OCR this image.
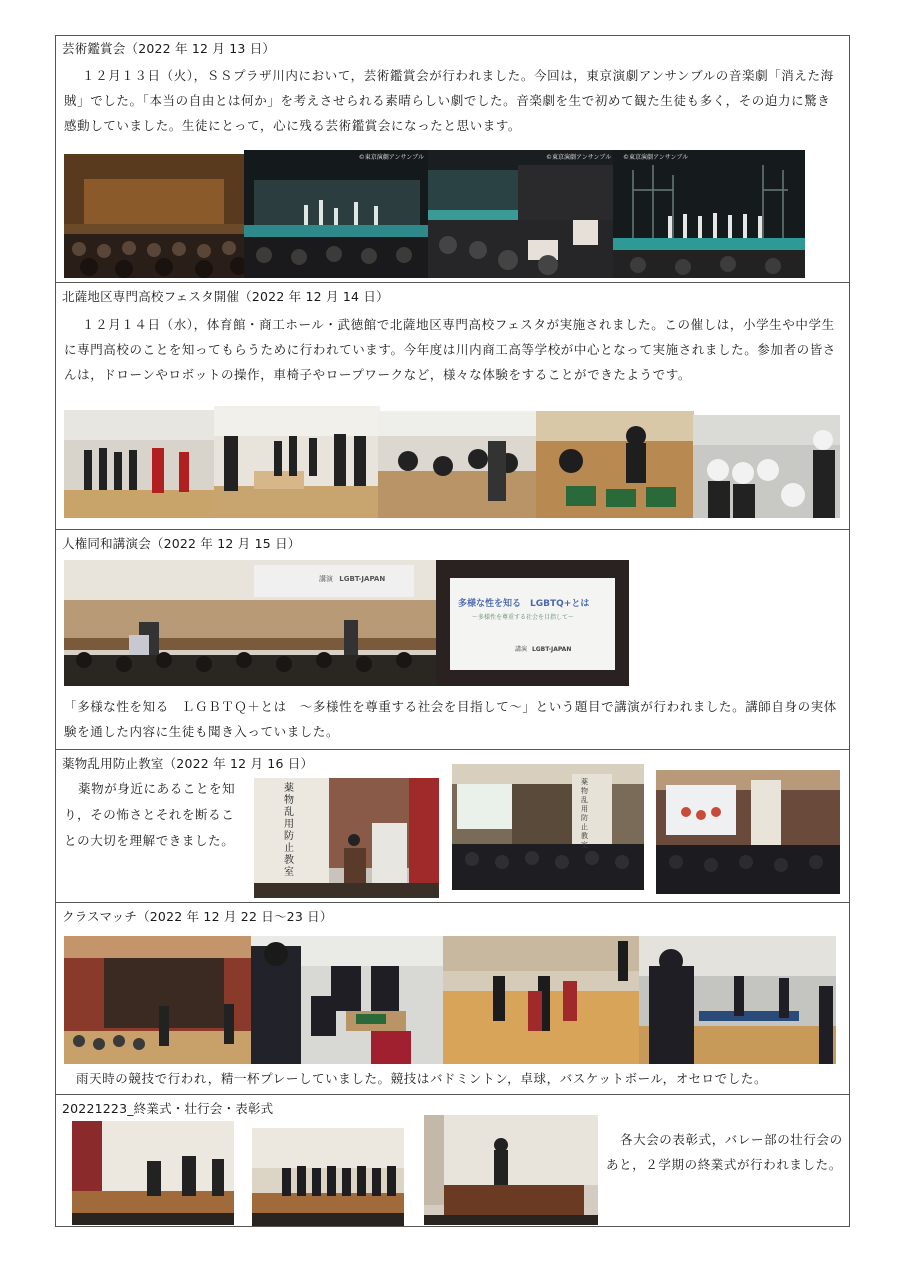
芸術鑑賞会（2022 年 12 月 13 日）
１２月１３日（火），ＳＳプラザ川内において，芸術鑑賞会が行われました。今回は，東京演劇アンサンブルの音楽劇「消えた海賊」でした。「本当の自由とは何か」を考えさせられる素晴らしい劇でした。音楽劇を生で初めて観た生徒も多く，その迫力に驚き感動していました。生徒にとって，心に残る芸術鑑賞会になったと思います。
©東京演劇アンサンブル	©東京演劇アンサンブル ©東京演劇アンサンブル
北薩地区専門高校フェスタ開催（2022 年 12 月 14 日）
１２月１４日（水），体育館・商工ホール・武徳館で北薩地区専門高校フェスタが実施されました。この催しは，小学生や中学生に専門高校のことを知ってもらうために行われています。今年度は川内商工高等学校が中心となって実施されました。参加者の皆さんは，ドローンやロボットの操作，車椅子やロープワークなど，様々な体験をすることができたようです。
人権同和講演会（2022 年 12 月 15 日）
講演 LGBT-JAPAN
多様な性を知る　LGBTQ+とは
〜多様性を尊重する社会を目指して〜
講演 LGBT-JAPAN
「多様な性を知る　ＬＧＢＴＱ＋とは　～多様性を尊重する社会を目指して～」という題目で講演が行われました。講師自身の実体験を通した内容に生徒も聞き入っていました。
薬物乱用防止教室（2022 年 12 月 16 日）
薬物が身近にあることを知り，その怖さとそれを断ることの大切を理解できました。
薬物乱用防止教室
薬物乱用防止教室
クラスマッチ（2022 年 12 月 22 日～23 日）
雨天時の競技で行われ，精一杯プレーしていました。競技はバドミントン，卓球，バスケットボール，オセロでした。
20221223_終業式・壮行会・表彰式
各大会の表彰式，バレー部の壮行会のあと，２学期の終業式が行われました。
